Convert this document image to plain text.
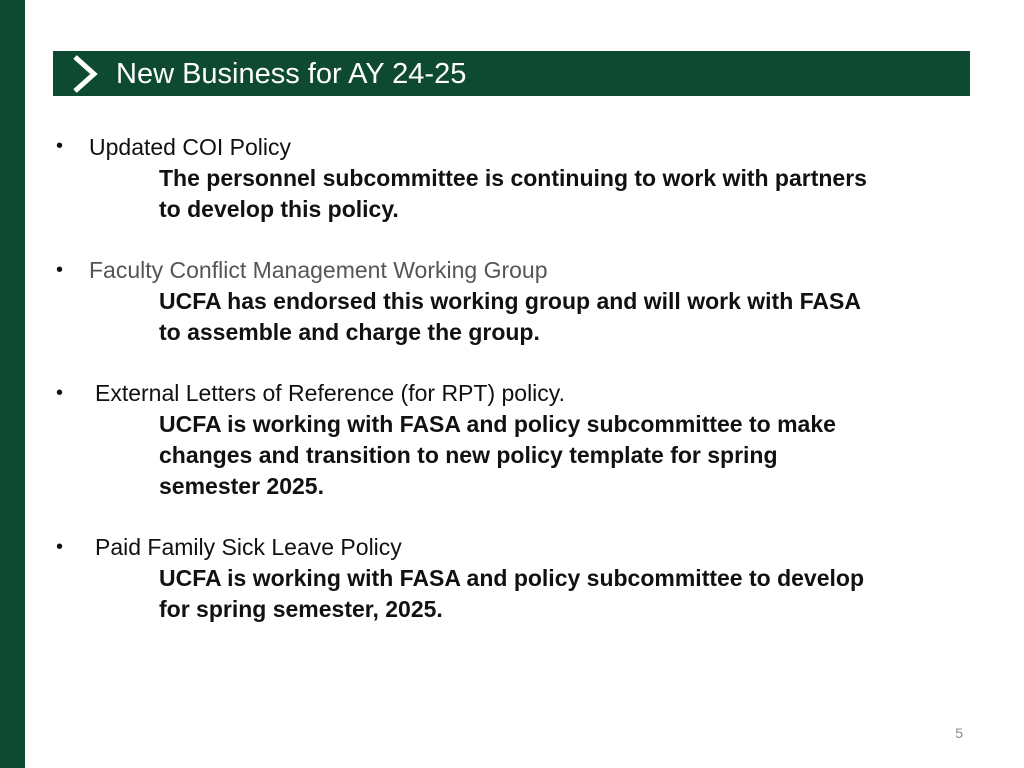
New Business for AY 24-25
• Updated COI Policy
The personnel subcommittee is continuing to work with partners
to develop this policy.
• Faculty Conflict Management Working Group
UCFA has endorsed this working group and will work with FASA
to assemble and charge the group.
• External Letters of Reference (for RPT) policy.
UCFA is working with FASA and policy subcommittee to make
changes and transition to new policy template for spring
semester 2025.
• Paid Family Sick Leave Policy
UCFA is working with FASA and policy subcommittee to develop
for spring semester, 2025.
5
